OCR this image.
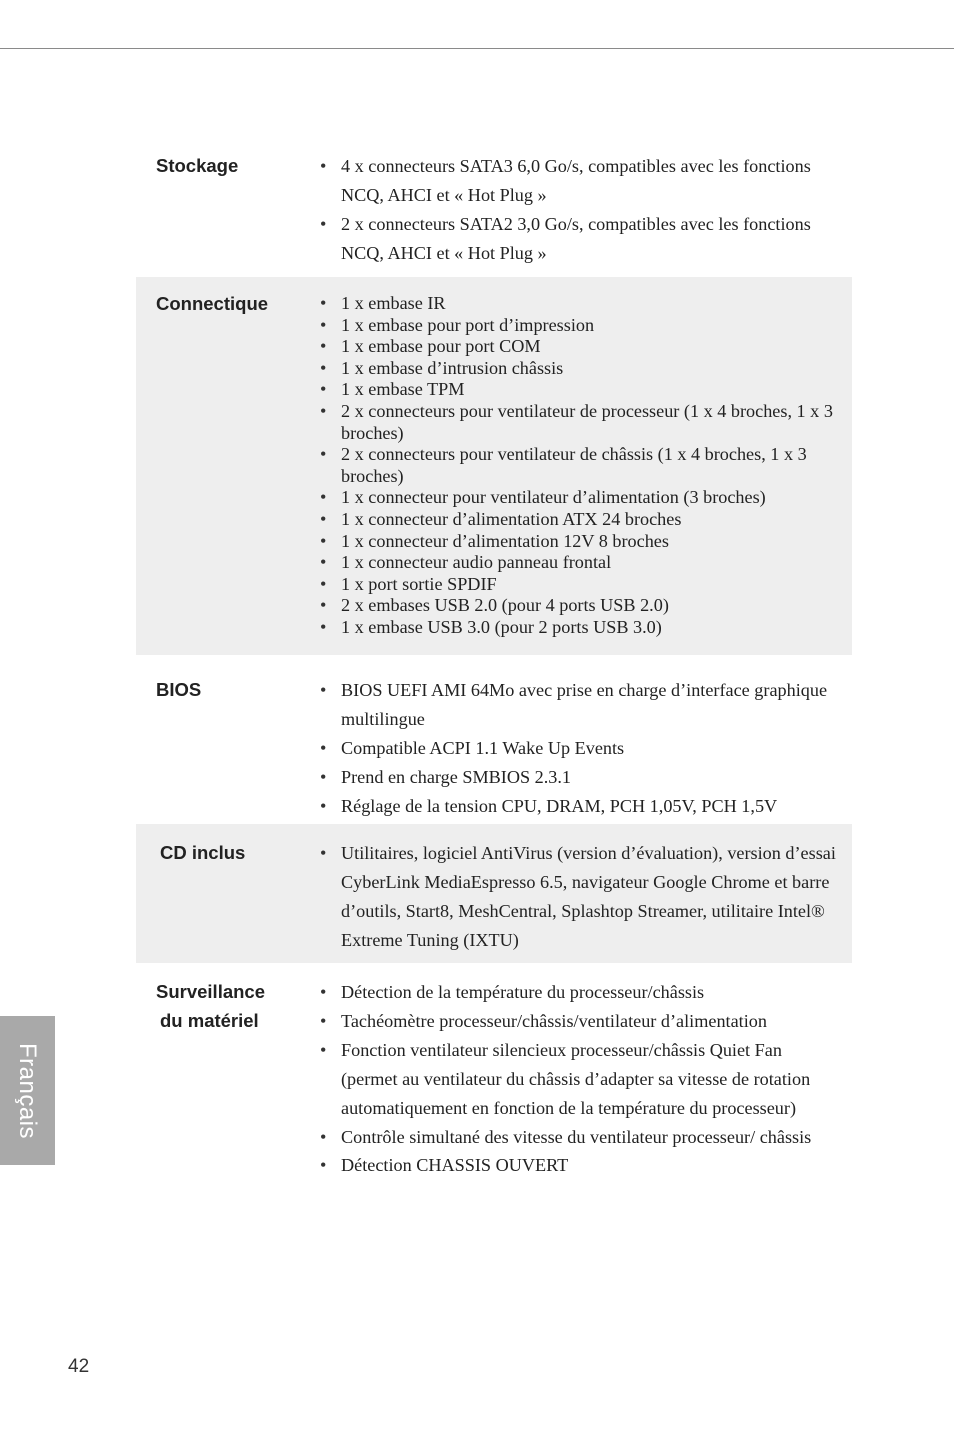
Stockage	• 4 x connecteurs SATA3 6,0 Go/s, compatibles avec les fonctions NCQ, AHCI et « Hot Plug »
• 2 x connecteurs SATA2 3,0 Go/s, compatibles avec les fonctions NCQ, AHCI et « Hot Plug »
Connectique	• 1 x embase IR
• 1 x embase pour port d’impression
• 1 x embase pour port COM
• 1 x embase d’intrusion châssis
• 1 x embase TPM
• 2 x connecteurs pour ventilateur de processeur (1 x 4 broches, 1 x 3 broches)
• 2 x connecteurs pour ventilateur de châssis (1 x 4 broches, 1 x 3 broches)
• 1 x connecteur pour ventilateur d’alimentation (3 broches)
• 1 x connecteur d’alimentation ATX 24 broches
• 1 x connecteur d’alimentation 12V 8 broches
• 1 x connecteur audio panneau frontal
• 1 x port sortie SPDIF
• 2 x embases USB 2.0 (pour 4 ports USB 2.0)
• 1 x embase USB 3.0 (pour 2 ports USB 3.0)
BIOS	• BIOS UEFI AMI 64Mo avec prise en charge d’interface graphique multilingue
• Compatible ACPI 1.1 Wake Up Events
• Prend en charge SMBIOS 2.3.1
• Réglage de la tension CPU, DRAM, PCH 1,05V, PCH 1,5V
CD inclus	• Utilitaires, logiciel AntiVirus (version d’évaluation), version d’essai CyberLink MediaEspresso 6.5, navigateur Google Chrome et barre d’outils, Start8, MeshCentral, Splashtop Streamer, utilitaire Intel® Extreme Tuning (IXTU)
Surveillance
du matériel
• Détection de la température du processeur/châssis
• Tachéomètre processeur/châssis/ventilateur d’alimentation
• Fonction ventilateur silencieux processeur/châssis Quiet Fan (permet au ventilateur du châssis d’adapter sa vitesse de rotation automatiquement en fonction de la température du processeur)
• Contrôle simultané des vitesse du ventilateur processeur/ châssis
• Détection CHASSIS OUVERT
Français
42
